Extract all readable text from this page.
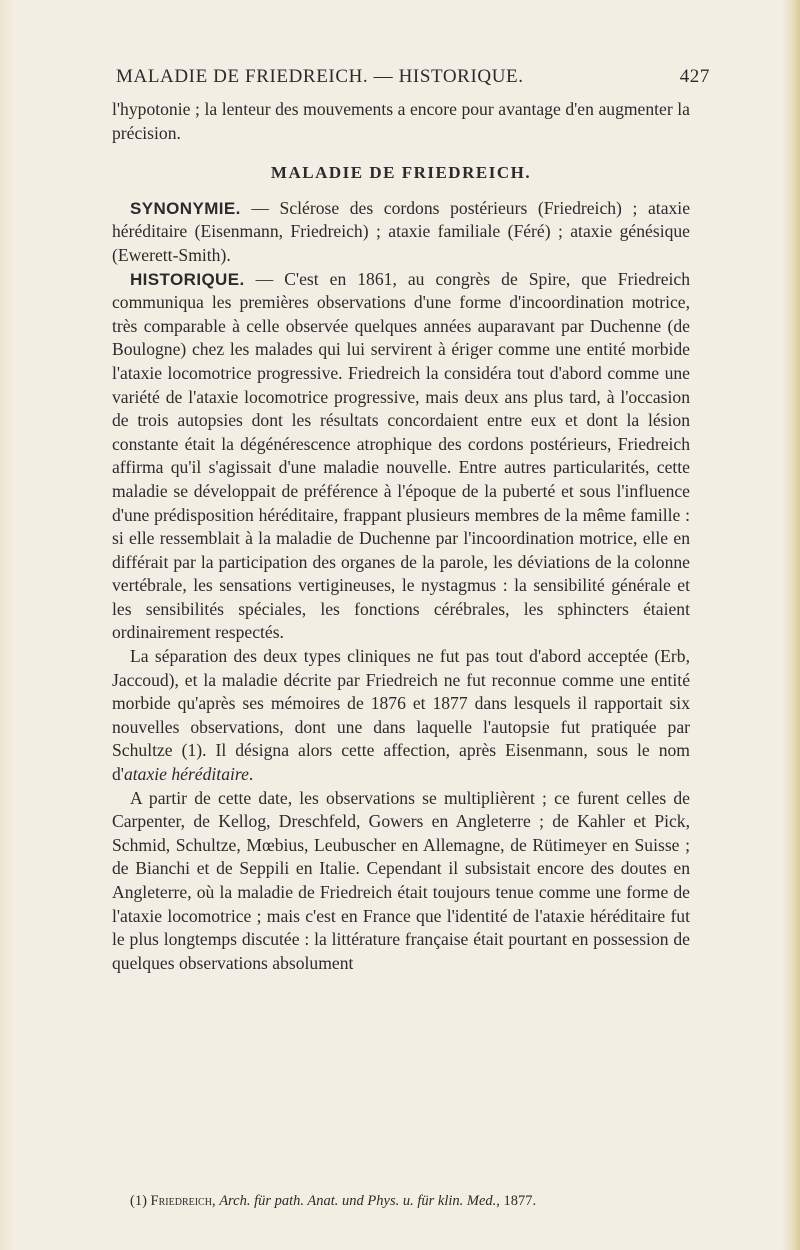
MALADIE DE FRIEDREICH. — HISTORIQUE.	427

l'hypotonie ; la lenteur des mouvements a encore pour avantage d'en augmenter la précision.

MALADIE DE FRIEDREICH.

SYNONYMIE. — Sclérose des cordons postérieurs (Friedreich) ; ataxie héréditaire (Eisenmann, Friedreich) ; ataxie familiale (Féré) ; ataxie génésique (Ewerett-Smith).

HISTORIQUE. — C'est en 1861, au congrès de Spire, que Friedreich communiqua les premières observations d'une forme d'incoordination motrice, très comparable à celle observée quelques années auparavant par Duchenne (de Boulogne) chez les malades qui lui servirent à ériger comme une entité morbide l'ataxie locomotrice progressive. Friedreich la considéra tout d'abord comme une variété de l'ataxie locomotrice progressive, mais deux ans plus tard, à l'occasion de trois autopsies dont les résultats concordaient entre eux et dont la lésion constante était la dégénérescence atrophique des cordons postérieurs, Friedreich affirma qu'il s'agissait d'une maladie nouvelle. Entre autres particularités, cette maladie se développait de préférence à l'époque de la puberté et sous l'influence d'une prédisposition héréditaire, frappant plusieurs membres de la même famille : si elle ressemblait à la maladie de Duchenne par l'incoordination motrice, elle en différait par la participation des organes de la parole, les déviations de la colonne vertébrale, les sensations vertigineuses, le nystagmus : la sensibilité générale et les sensibilités spéciales, les fonctions cérébrales, les sphincters étaient ordinairement respectés.

La séparation des deux types cliniques ne fut pas tout d'abord acceptée (Erb, Jaccoud), et la maladie décrite par Friedreich ne fut reconnue comme une entité morbide qu'après ses mémoires de 1876 et 1877 dans lesquels il rapportait six nouvelles observations, dont une dans laquelle l'autopsie fut pratiquée par Schultze (1). Il désigna alors cette affection, après Eisenmann, sous le nom d'ataxie héréditaire.

A partir de cette date, les observations se multiplièrent ; ce furent celles de Carpenter, de Kellog, Dreschfeld, Gowers en Angleterre ; de Kahler et Pick, Schmid, Schultze, Mœbius, Leubuscher en Allemagne, de Rütimeyer en Suisse ; de Bianchi et de Seppili en Italie. Cependant il subsistait encore des doutes en Angleterre, où la maladie de Friedreich était toujours tenue comme une forme de l'ataxie locomotrice ; mais c'est en France que l'identité de l'ataxie héréditaire fut le plus longtemps discutée : la littérature française était pourtant en possession de quelques observations absolument

(1) Friedreich, Arch. für path. Anat. und Phys. u. für klin. Med., 1877.
